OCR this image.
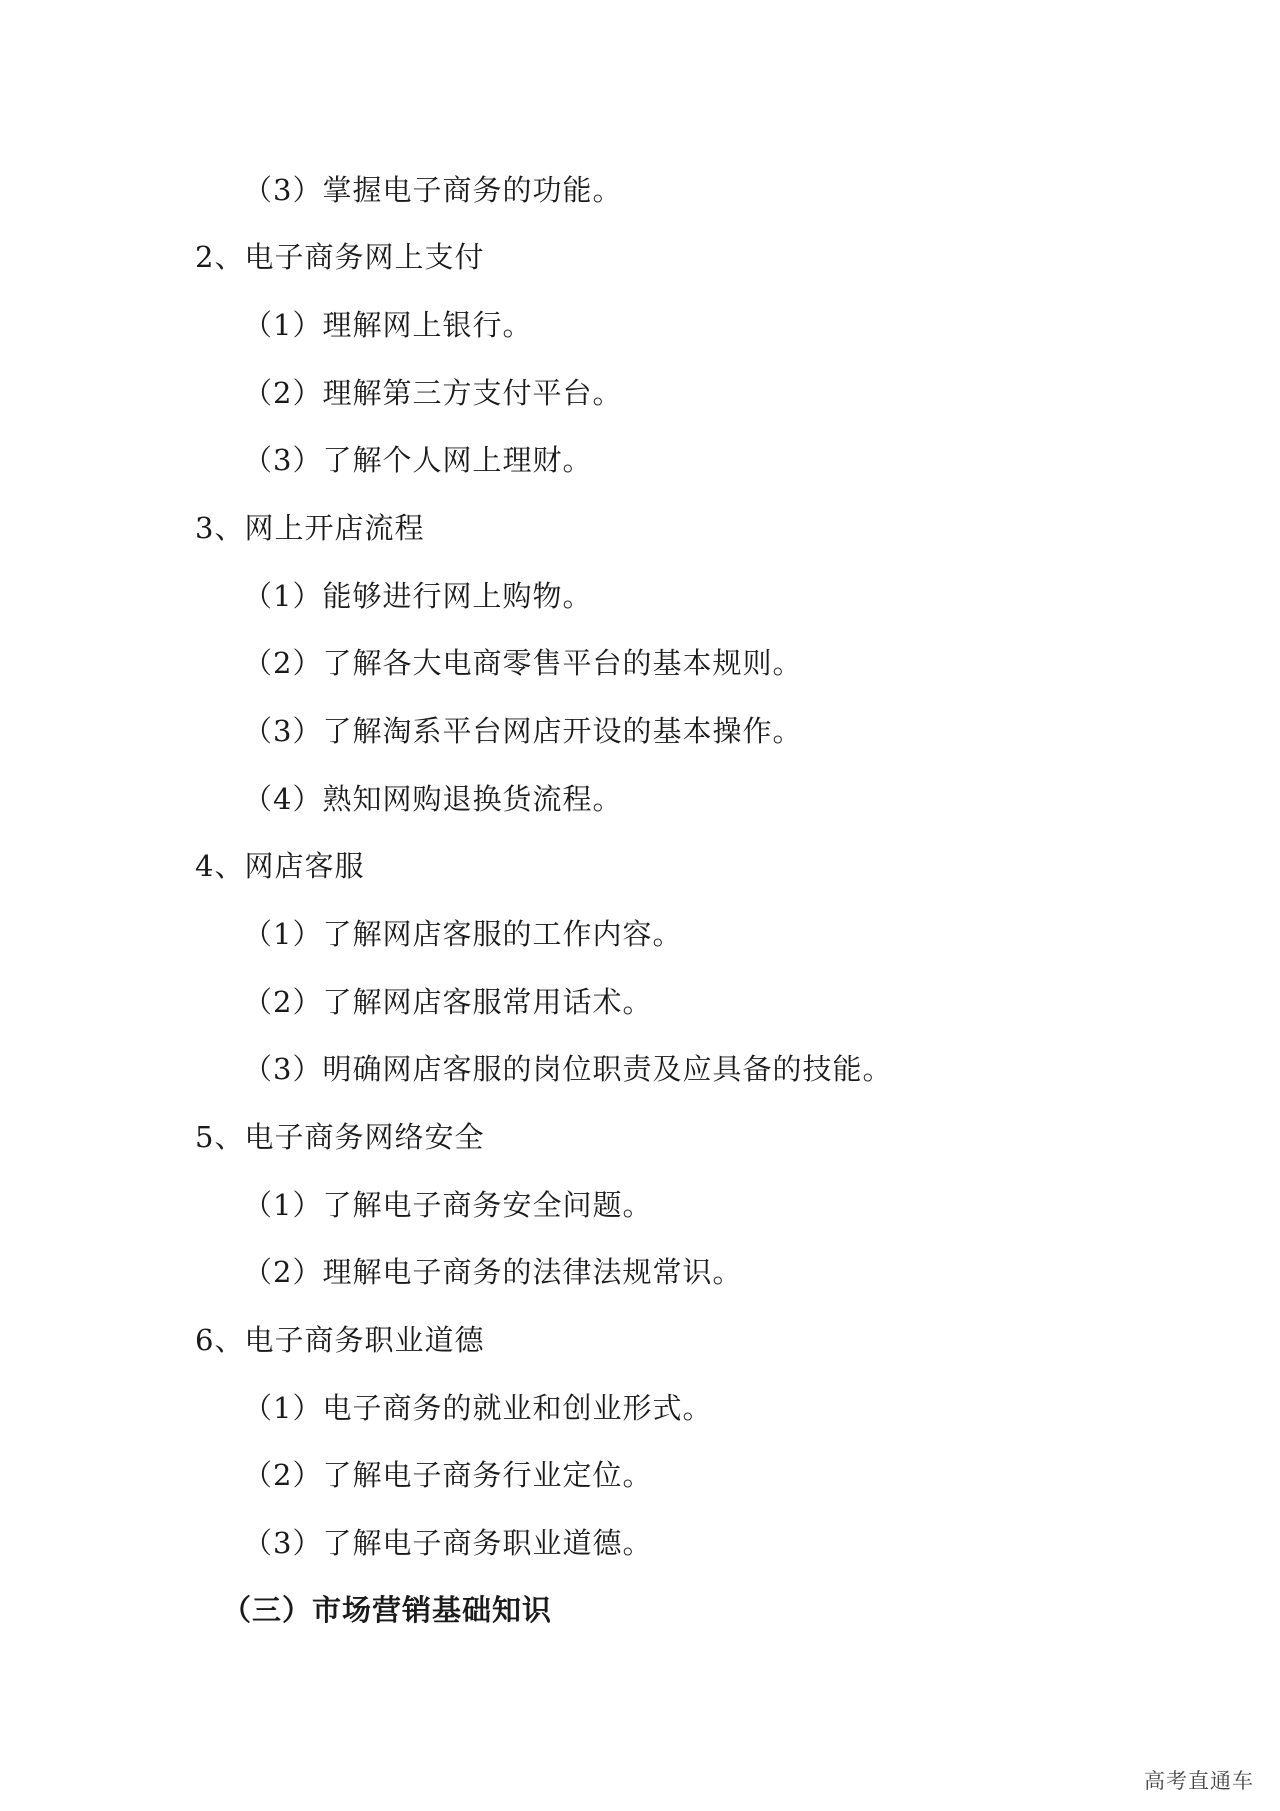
（3）掌握电子商务的功能。
2、电子商务网上支付
（1）理解网上银行。
（2）理解第三方支付平台。
（3）了解个人网上理财。
3、网上开店流程
（1）能够进行网上购物。
（2）了解各大电商零售平台的基本规则。
（3）了解淘系平台网店开设的基本操作。
（4）熟知网购退换货流程。
4、网店客服
（1）了解网店客服的工作内容。
（2）了解网店客服常用话术。
（3）明确网店客服的岗位职责及应具备的技能。
5、电子商务网络安全
（1）了解电子商务安全问题。
（2）理解电子商务的法律法规常识。
6、电子商务职业道德
（1）电子商务的就业和创业形式。
（2）了解电子商务行业定位。
（3）了解电子商务职业道德。
（三）市场营销基础知识
高考直通车
